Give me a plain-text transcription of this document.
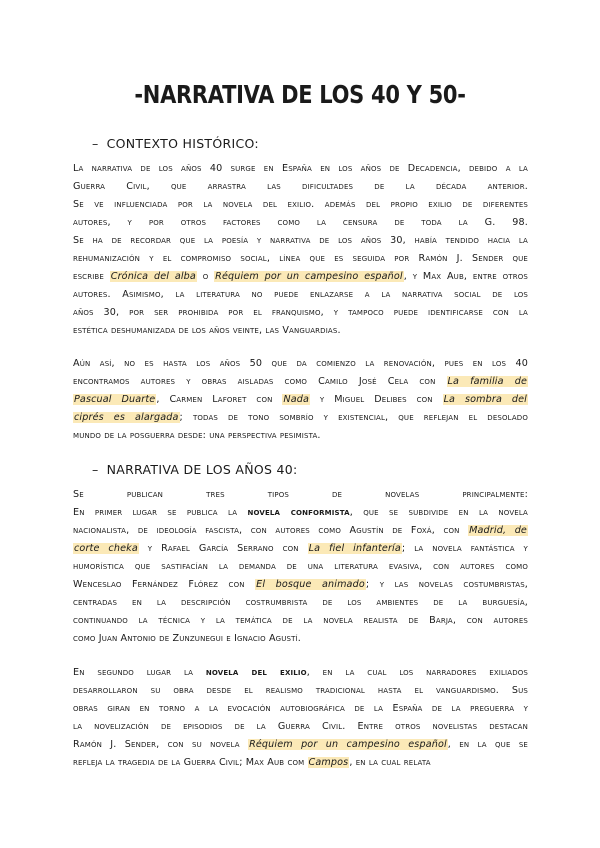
-NARRATIVA DE LOS 40 Y 50-
– CONTEXTO HISTÓRICO:
La narrativa de los años 40 surge en España en los años de Decadencia, debido a la
Guerra Civil, que arrastra las dificultades de la década anterior.
Se ve influenciada por la novela del exilio. además del propio exilio de diferentes
autores, y por otros factores como la censura de toda la G. 98.
Se ha de recordar que la poesía y narrativa de los años 30, había tendido hacia la
rehumanización y el compromiso social, línea que es seguida por Ramón J. Sender que
escribe Crónica del alba o Réquiem por un campesino español, y Max Aub, entre otros
autores. Asimismo, la literatura no puede enlazarse a la narrativa social de los
años 30, por ser prohibida por el franquismo, y tampoco puede identificarse con la
estética deshumanizada de los años veinte, las Vanguardias.
Aún así, no es hasta los años 50 que da comienzo la renovación, pues en los 40
encontramos autores y obras aisladas como Camilo José Cela con La familia de
Pascual Duarte, Carmen Laforet con Nada y Miguel Delibes con La sombra del
ciprés es alargada; todas de tono sombrío y existencial, que reflejan el desolado
mundo de la posguerra desde: una perspectiva pesimista.
– NARRATIVA DE LOS AÑOS 40:
Se publican tres tipos de novelas principalmente:
En primer lugar se publica la novela conformista, que se subdivide en la novela
nacionalista, de ideología fascista, con autores como Agustín de Foxá, con Madrid, de
corte cheka y Rafael García Serrano con La fiel infantería; la novela fantástica y
humorística que sastifacían la demanda de una literatura evasiva, con autores como
Wenceslao Fernández Flórez con El bosque animado; y las novelas costumbristas,
centradas en la descripción costrumbrista de los ambientes de la burguesía,
continuando la técnica y la temática de la novela realista de Barja, con autores
como Juan Antonio de Zunzunegui e Ignacio Agustí.
En segundo lugar la novela del exilio, en la cual los narradores exiliados
desarrollaron su obra desde el realismo tradicional hasta el vanguardismo. Sus
obras giran en torno a la evocación autobiográfica de la España de la preguerra y
la novelización de episodios de la Guerra Civil. Entre otros novelistas destacan
Ramón J. Sender, con su novela Réquiem por un campesino español, en la que se
refleja la tragedia de la Guerra Civil; Max Aub com Campos, en la cual relata
